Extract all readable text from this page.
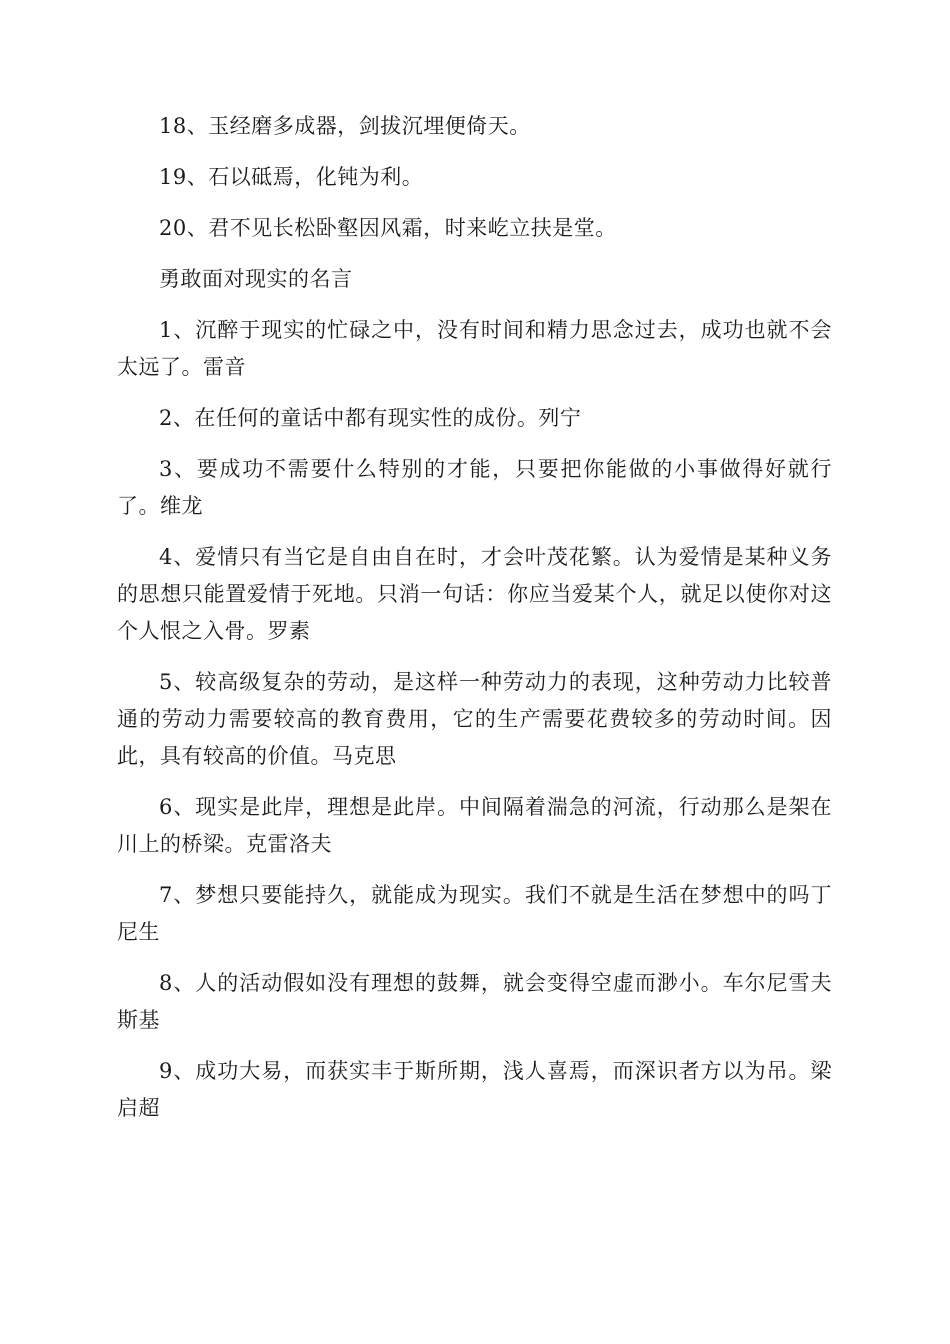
18、玉经磨多成器，剑拔沉埋便倚天。

19、石以砥焉，化钝为利。

20、君不见长松卧壑因风霜，时来屹立扶是堂。

勇敢面对现实的名言

1、沉醉于现实的忙碌之中，没有时间和精力思念过去，成功也就不会太远了。雷音

2、在任何的童话中都有现实性的成份。列宁

3、要成功不需要什么特别的才能，只要把你能做的小事做得好就行了。维龙

4、爱情只有当它是自由自在时，才会叶茂花繁。认为爱情是某种义务的思想只能置爱情于死地。只消一句话：你应当爱某个人，就足以使你对这个人恨之入骨。罗素

5、较高级复杂的劳动，是这样一种劳动力的表现，这种劳动力比较普通的劳动力需要较高的教育费用，它的生产需要花费较多的劳动时间。因此，具有较高的价值。马克思

6、现实是此岸，理想是此岸。中间隔着湍急的河流，行动那么是架在川上的桥梁。克雷洛夫

7、梦想只要能持久，就能成为现实。我们不就是生活在梦想中的吗丁尼生

8、人的活动假如没有理想的鼓舞，就会变得空虚而渺小。车尔尼雪夫斯基

9、成功大易，而获实丰于斯所期，浅人喜焉，而深识者方以为吊。梁启超
